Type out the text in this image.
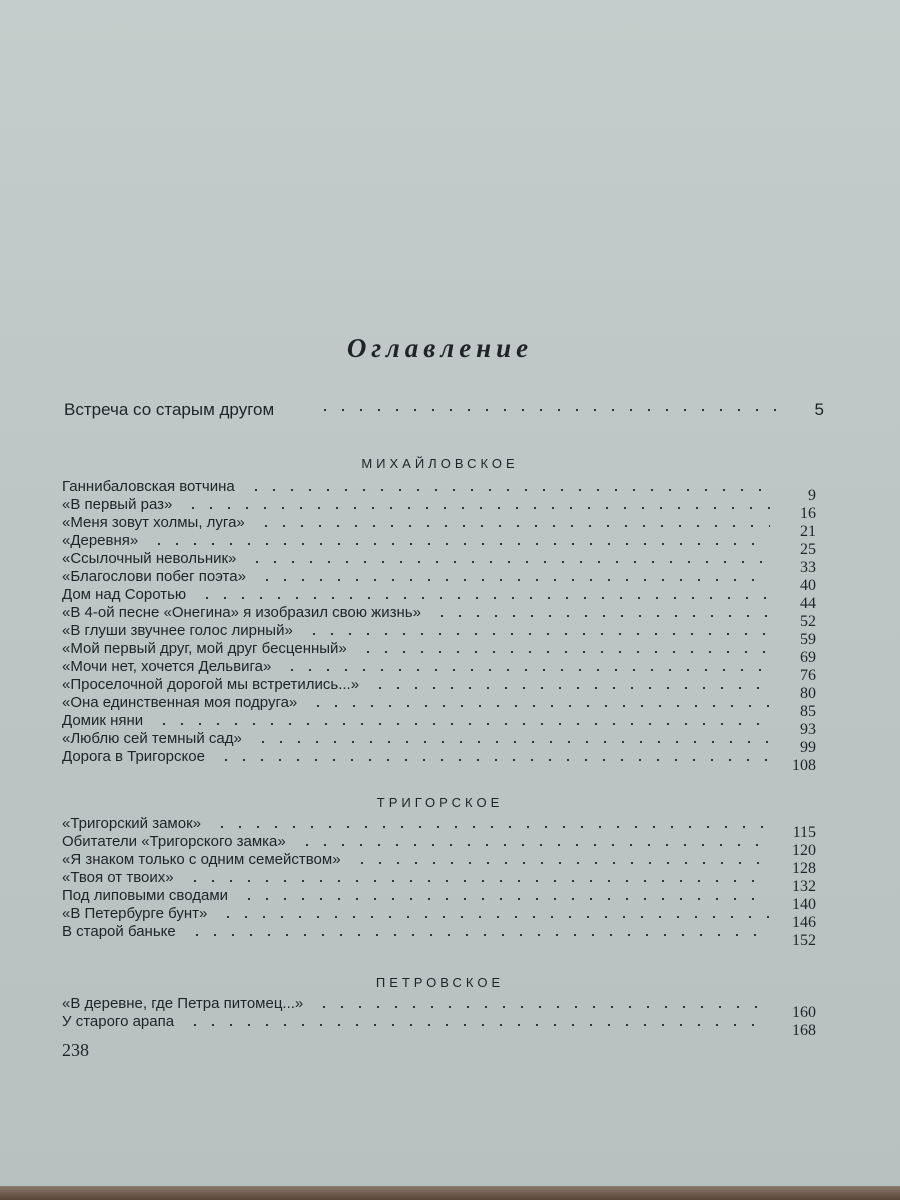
Оглавление
Встреча со старым другом	5
МИХАЙЛОВСКОЕ
Ганнибаловская вотчина
9
«В первый раз»
16
«Меня зовут холмы, луга»
21
«Деревня»
25
«Ссылочный невольник»
33
«Благослови побег поэта»
40
Дом над Соротью
44
«В 4-ой песне «Онегина» я изобразил свою жизнь»
52
«В глуши звучнее голос лирный»
59
«Мой первый друг, мой друг бесценный»
69
«Мочи нет, хочется Дельвига»
76
«Проселочной дорогой мы встретились...»
80
«Она единственная моя подруга»
85
Домик няни
93
«Люблю сей темный сад»
99
Дорога в Тригорское
108
ТРИГОРСКОЕ
«Тригорский замок»
115
Обитатели «Тригорского замка»
120
«Я знаком только с одним семейством»
128
«Твоя от твоих»
132
Под липовыми сводами
140
«В Петербурге бунт»
146
В старой баньке
152
ПЕТРОВСКОЕ
«В деревне, где Петра питомец...»
160
У старого арапа
168
238
